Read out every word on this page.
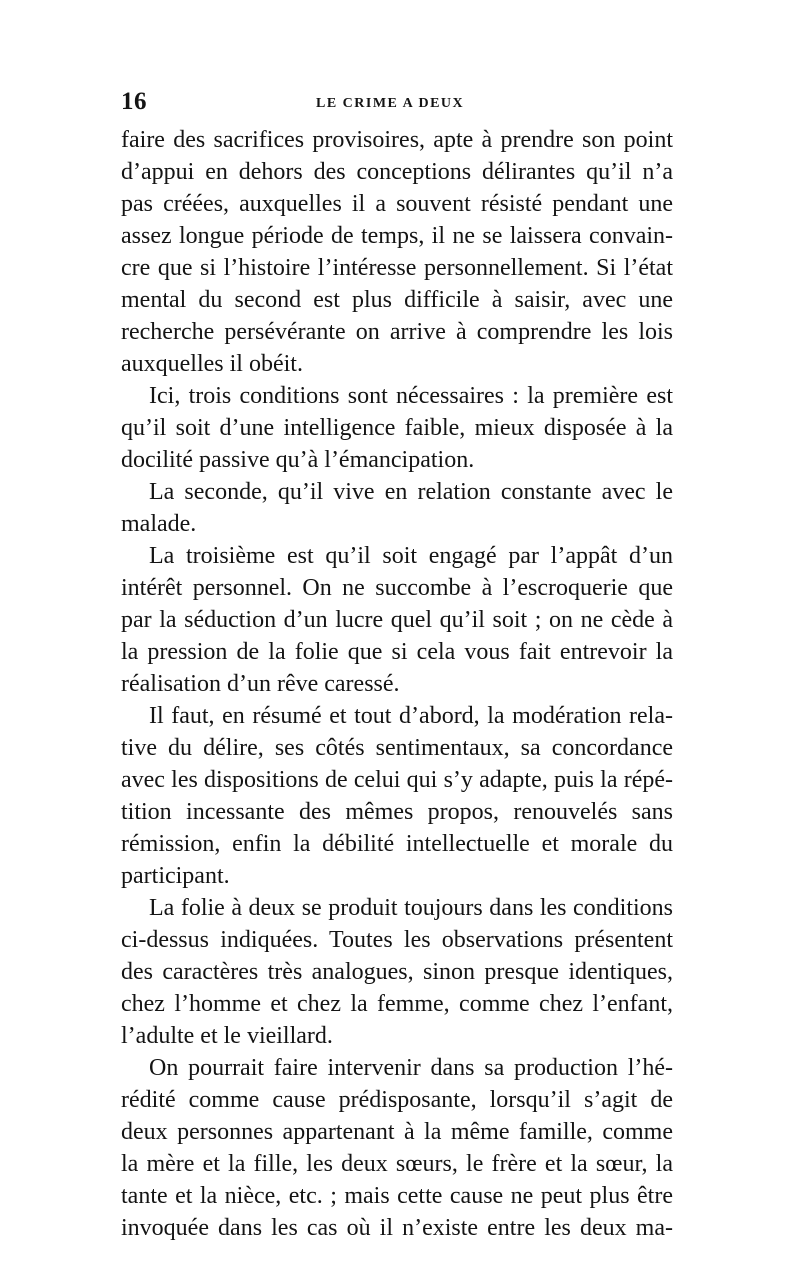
16	LE CRIME A DEUX
faire des sacrifices provisoires, apte à prendre son point
d’appui en dehors des conceptions délirantes qu’il n’a
pas créées, auxquelles il a souvent résisté pendant une
assez longue période de temps, il ne se laissera convain-
cre que si l’histoire l’intéresse personnellement. Si l’état
mental du second est plus difficile à saisir, avec une
recherche persévérante on arrive à comprendre les lois
auxquelles il obéit.
Ici, trois conditions sont nécessaires : la première est
qu’il soit d’une intelligence faible, mieux disposée à la
docilité passive qu’à l’émancipation.
La seconde, qu’il vive en relation constante avec le
malade.
La troisième est qu’il soit engagé par l’appât d’un
intérêt personnel. On ne succombe à l’escroquerie que
par la séduction d’un lucre quel qu’il soit ; on ne cède à
la pression de la folie que si cela vous fait entrevoir la
réalisation d’un rêve caressé.
Il faut, en résumé et tout d’abord, la modération rela-
tive du délire, ses côtés sentimentaux, sa concordance
avec les dispositions de celui qui s’y adapte, puis la répé-
tition incessante des mêmes propos, renouvelés sans
rémission, enfin la débilité intellectuelle et morale du
participant.
La folie à deux se produit toujours dans les conditions
ci-dessus indiquées. Toutes les observations présentent
des caractères très analogues, sinon presque identiques,
chez l’homme et chez la femme, comme chez l’enfant,
l’adulte et le vieillard.
On pourrait faire intervenir dans sa production l’hé-
rédité comme cause prédisposante, lorsqu’il s’agit de
deux personnes appartenant à la même famille, comme
la mère et la fille, les deux sœurs, le frère et la sœur, la
tante et la nièce, etc. ; mais cette cause ne peut plus être
invoquée dans les cas où il n’existe entre les deux ma-
